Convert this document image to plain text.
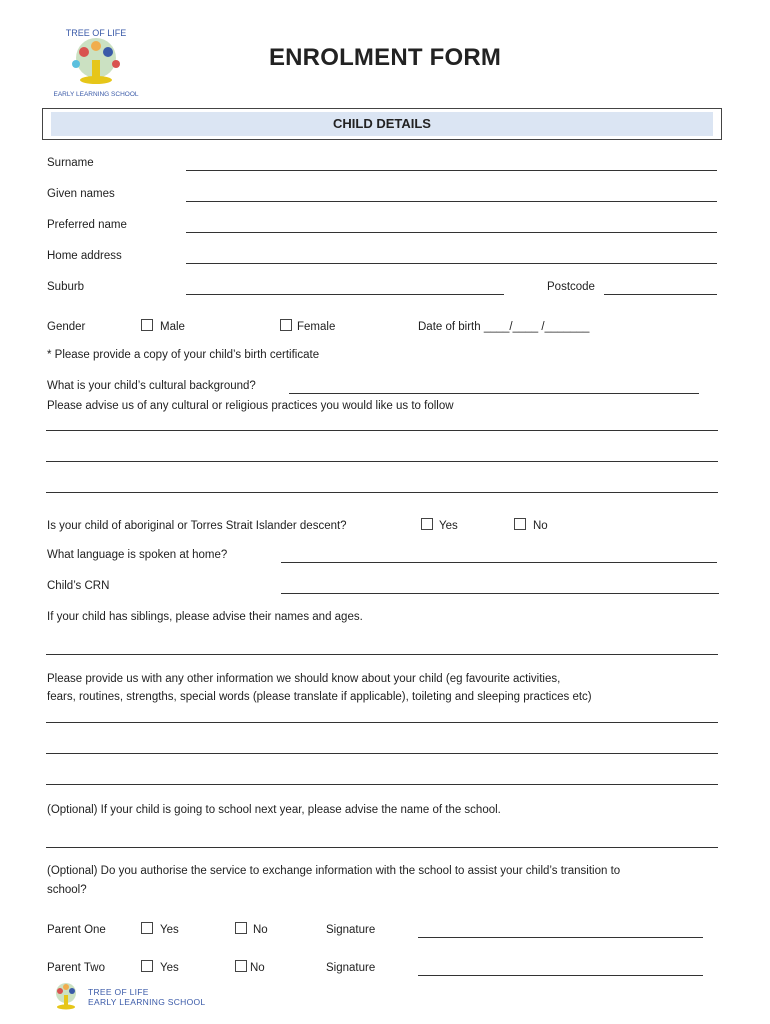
TREE OF LIFE
EARLY LEARNING SCHOOL
ENROLMENT FORM
CHILD DETAILS
Surname
Given names
Preferred name
Home address
Suburb	Postcode
Gender	Male	Female	Date of birth ____/____ /_______
* Please provide a copy of your child’s birth certificate
What is your child’s cultural background?
Please advise us of any cultural or religious practices you would like us to follow
Is your child of aboriginal or Torres Strait Islander descent?	Yes	No
What language is spoken at home?
Child’s CRN
If your child has siblings, please advise their names and ages.
Please provide us with any other information we should know about your child (eg favourite activities,
fears, routines, strengths, special words (please translate if applicable), toileting and sleeping practices etc)
(Optional) If your child is going to school next year, please advise the name of the school.
(Optional) Do you authorise the service to exchange information with the school to assist your child’s transition to
school?
Parent One	Yes	No	Signature
Parent Two	Yes	No	Signature
TREE OF LIFE
EARLY LEARNING SCHOOL
